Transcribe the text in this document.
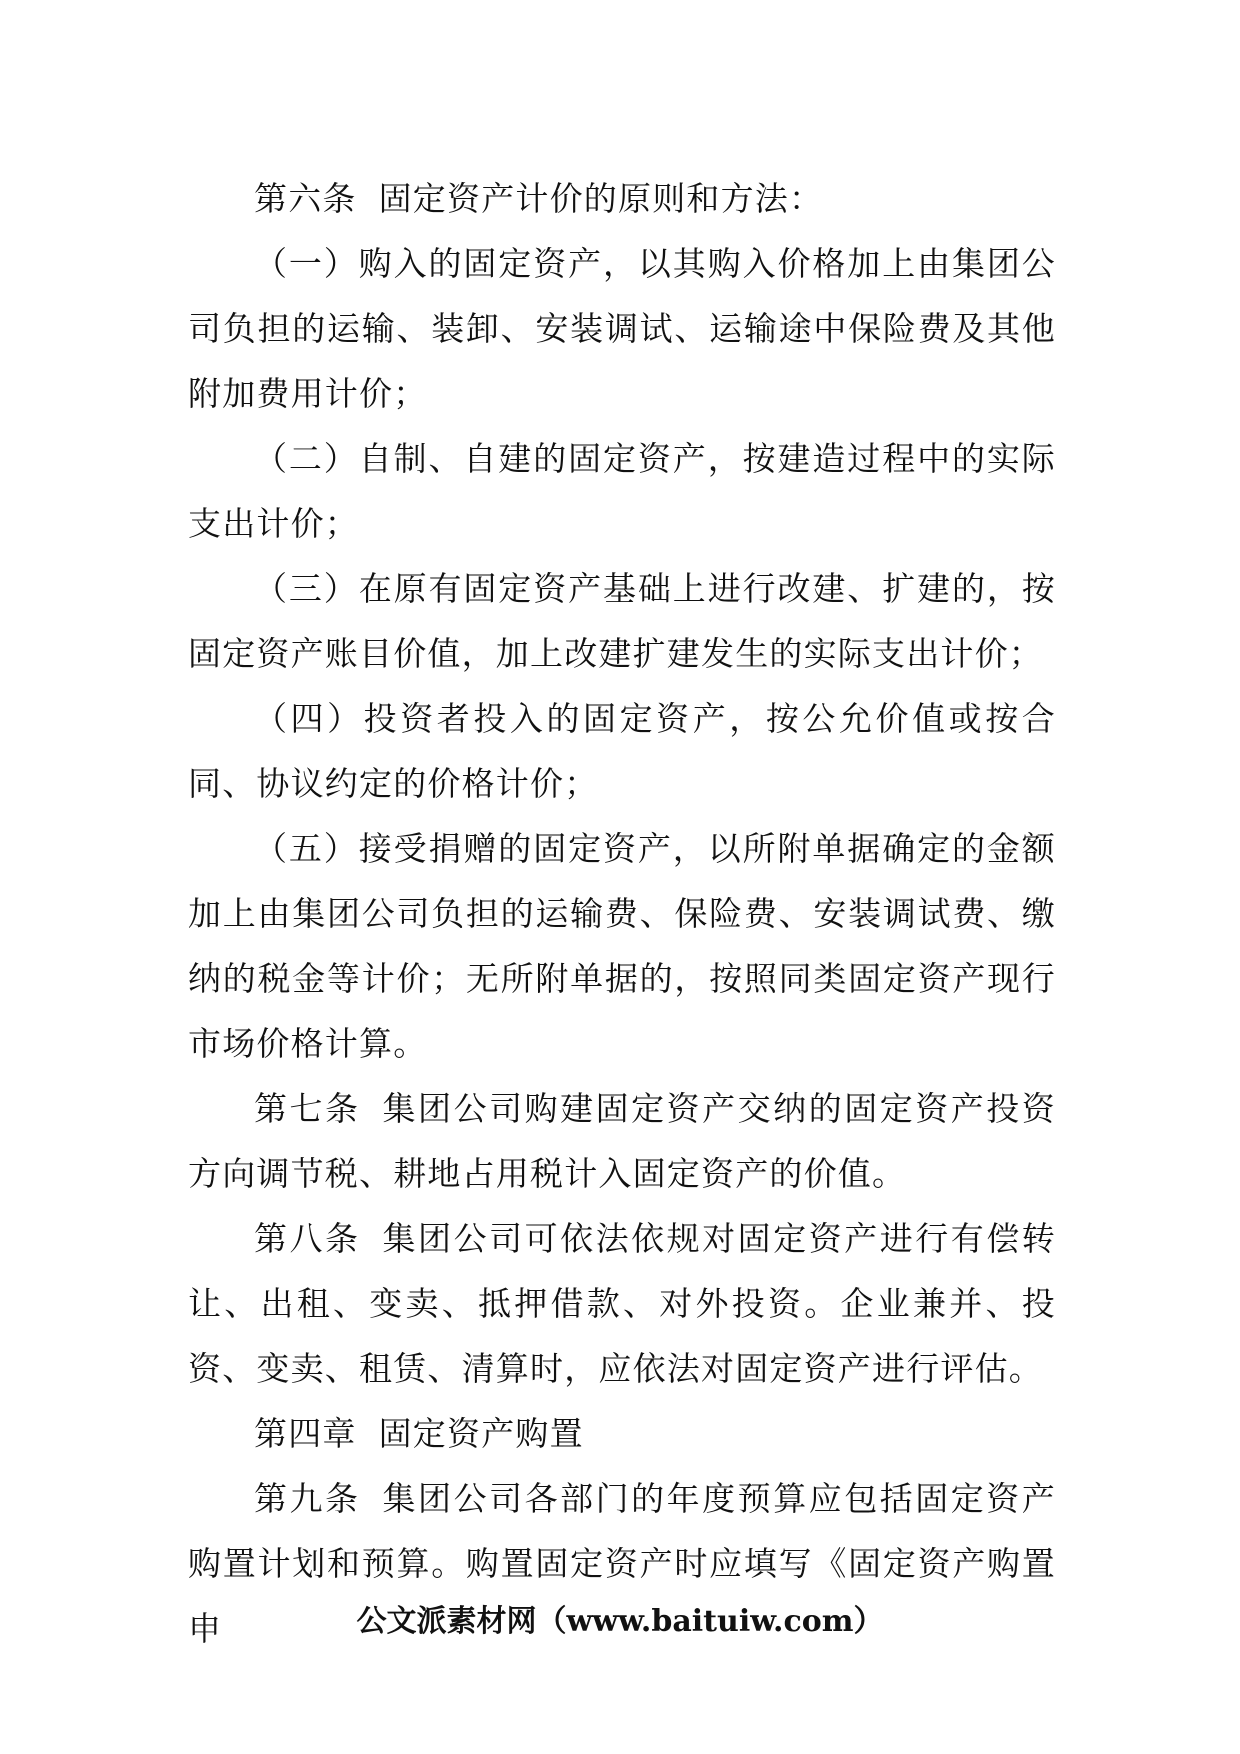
第六条 固定资产计价的原则和方法：

（一）购入的固定资产，以其购入价格加上由集团公司负担的运输、装卸、安装调试、运输途中保险费及其他附加费用计价；

（二）自制、自建的固定资产，按建造过程中的实际支出计价；

（三）在原有固定资产基础上进行改建、扩建的，按固定资产账目价值，加上改建扩建发生的实际支出计价；

（四）投资者投入的固定资产，按公允价值或按合同、协议约定的价格计价；

（五）接受捐赠的固定资产，以所附单据确定的金额加上由集团公司负担的运输费、保险费、安装调试费、缴纳的税金等计价；无所附单据的，按照同类固定资产现行市场价格计算。

第七条 集团公司购建固定资产交纳的固定资产投资方向调节税、耕地占用税计入固定资产的价值。

第八条 集团公司可依法依规对固定资产进行有偿转让、出租、变卖、抵押借款、对外投资。企业兼并、投资、变卖、租赁、清算时，应依法对固定资产进行评估。

第四章 固定资产购置

第九条 集团公司各部门的年度预算应包括固定资产购置计划和预算。购置固定资产时应填写《固定资产购置申	公文派素材网（www.baituiw.com）
